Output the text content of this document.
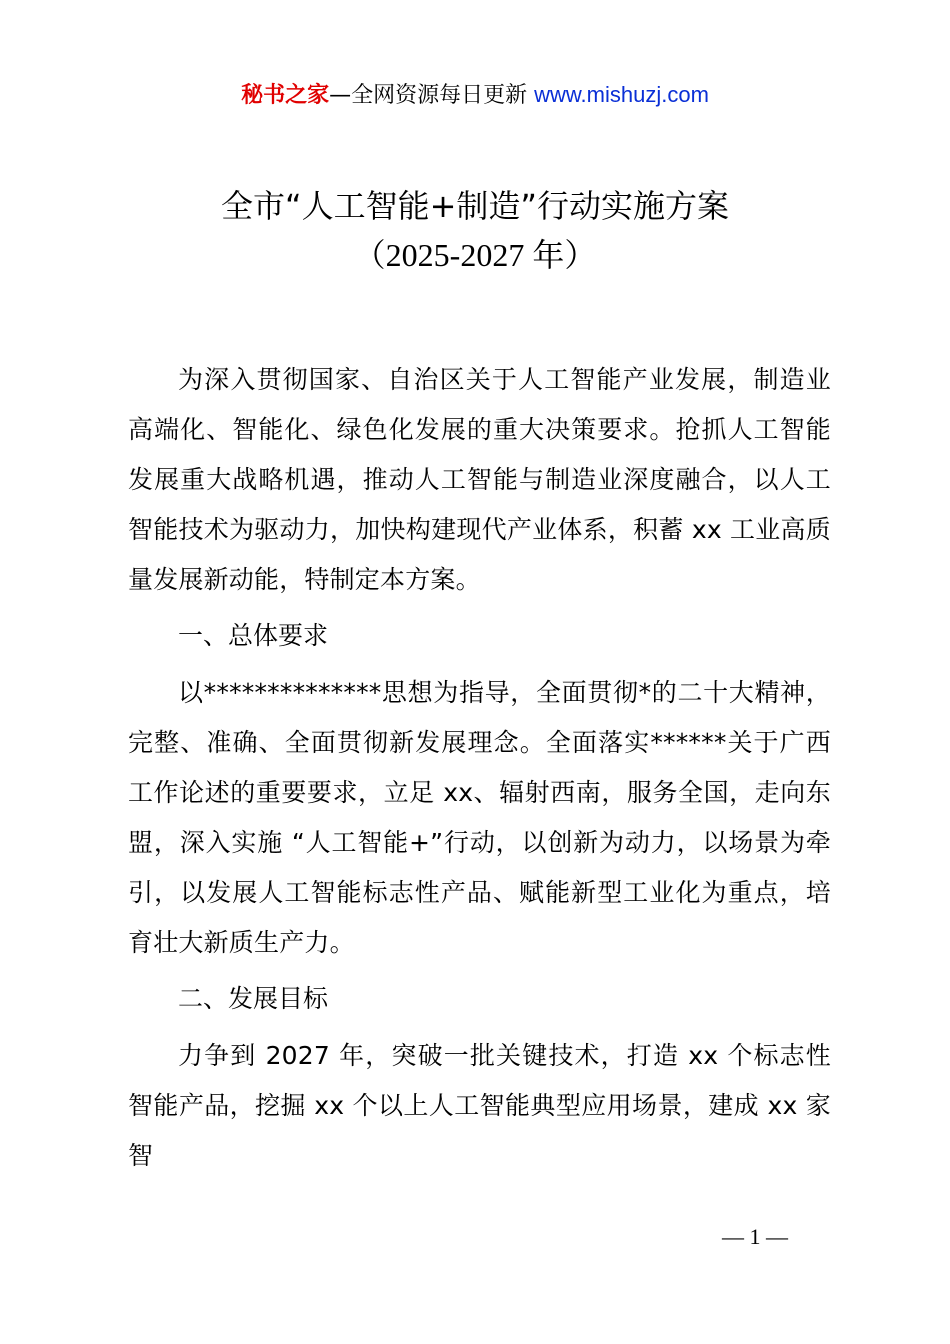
秘书之家—全网资源每日更新 www.mishuzj.com
全市“人工智能+制造”行动实施方案
（2025-2027 年）

为深入贯彻国家、自治区关于人工智能产业发展，制造业高端化、智能化、绿色化发展的重大决策要求。抢抓人工智能发展重大战略机遇，推动人工智能与制造业深度融合，以人工智能技术为驱动力，加快构建现代产业体系，积蓄 xx 工业高质量发展新动能，特制定本方案。

一、总体要求

以**************思想为指导，全面贯彻*的二十大精神，完整、准确、全面贯彻新发展理念。全面落实******关于广西工作论述的重要要求，立足 xx、辐射西南，服务全国，走向东盟，深入实施 “人工智能+”行动，以创新为动力，以场景为牵引，以发展人工智能标志性产品、赋能新型工业化为重点，培育壮大新质生产力。

二、发展目标

力争到 2027 年，突破一批关键技术，打造 xx 个标志性智能产品，挖掘 xx 个以上人工智能典型应用场景，建成 xx 家智

— 1 —
